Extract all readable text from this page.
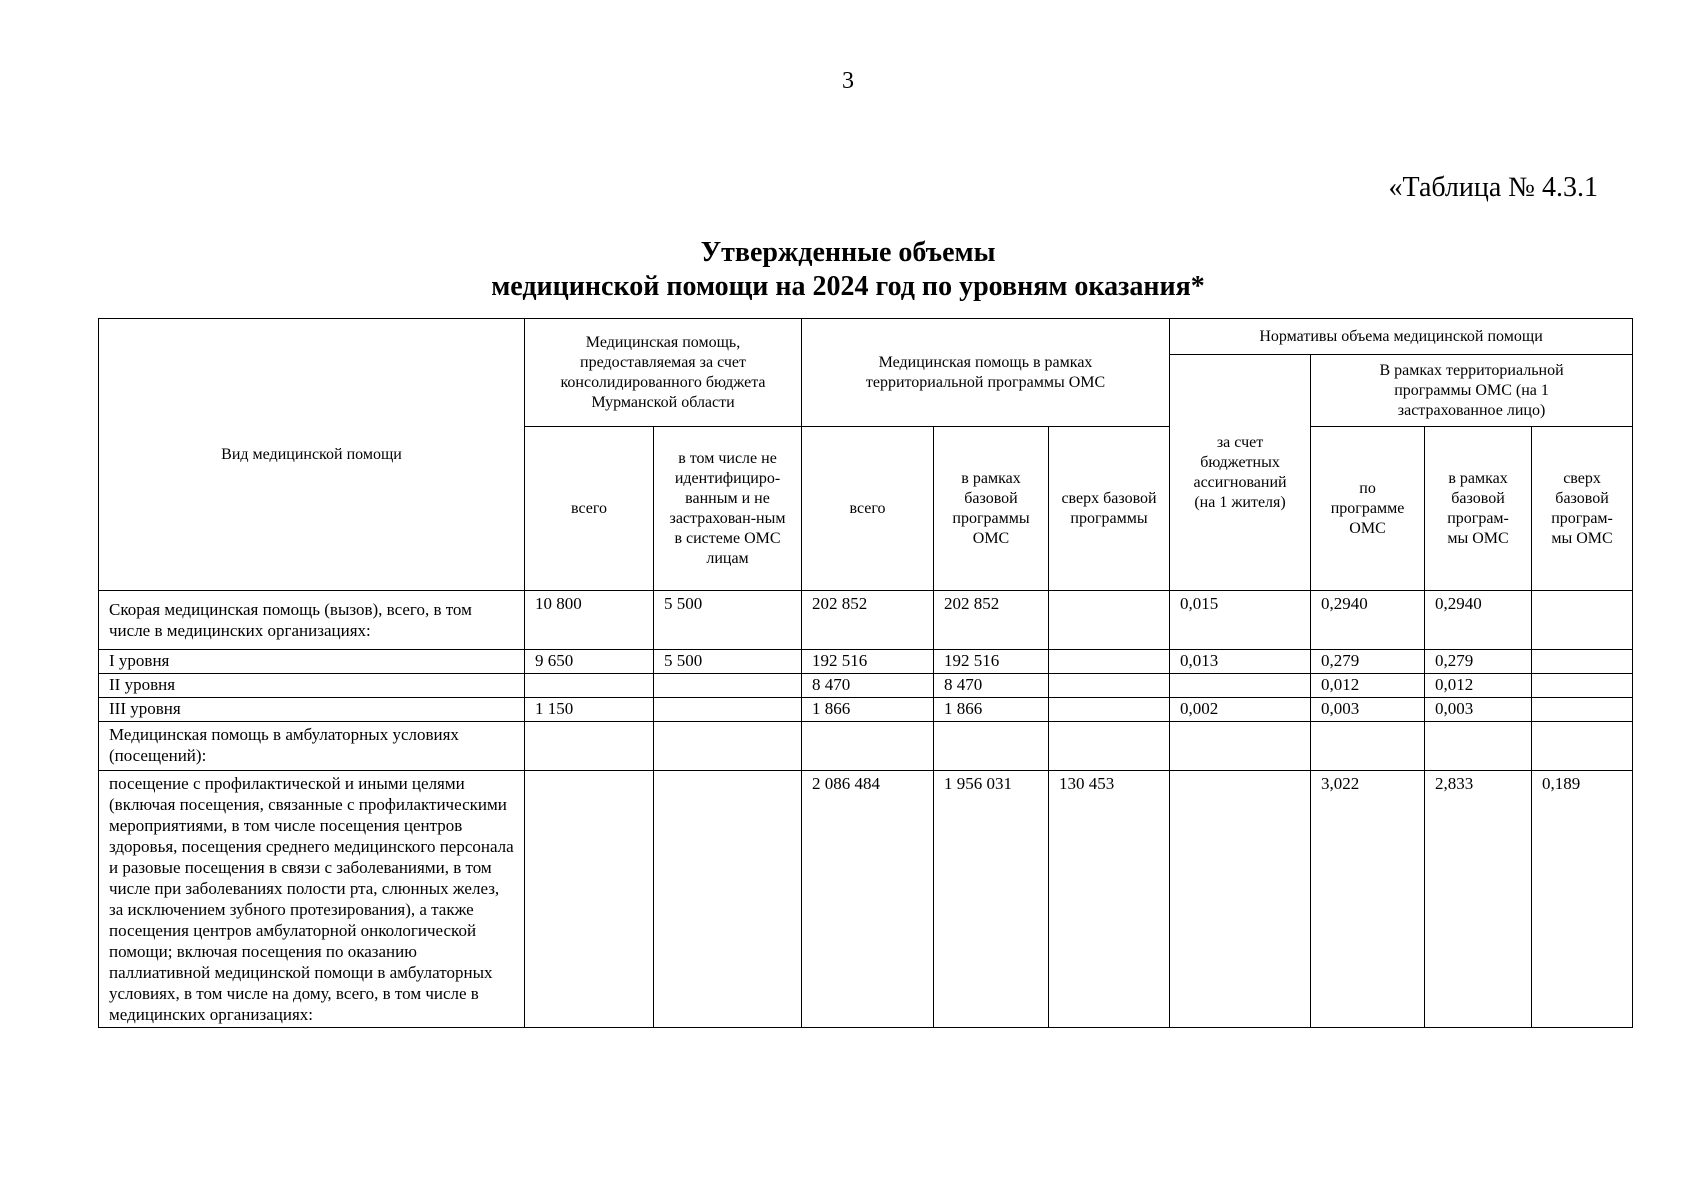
3
«Таблица № 4.3.1
Утвержденные объемы
медицинской помощи на 2024 год по уровням оказания*
Вид медицинской помощи	Медицинская помощь, предоставляемая за счет консолидированного бюджета Мурманской области		Медицинская помощь в рамках территориальной программы ОМС			Нормативы объема медицинской помощи			
						за счет бюджетных ассигнований (на 1 жителя)	В рамках территориальной программы ОМС (на 1 застрахованное лицо)		
	всего	в том числе не идентифициро-ванным и не застрахован-ным в системе ОМС лицам	всего	в рамках базовой программы ОМС	сверх базовой программы		по программе ОМС	в рамках базовой програм-мы ОМС	сверх базовой програм-мы ОМС
Скорая медицинская помощь (вызов), всего, в том числе в медицинских организациях:	10 800	5 500	202 852	202 852		0,015	0,2940	0,2940	
I уровня	9 650	5 500	192 516	192 516		0,013	0,279	0,279	
II уровня			8 470	8 470			0,012	0,012	
III уровня	1 150		1 866	1 866		0,002	0,003	0,003	
Медицинская помощь в амбулаторных условиях (посещений):									
посещение с профилактической и иными целями (включая посещения, связанные с профилактическими мероприятиями, в том числе посещения центров здоровья, посещения среднего медицинского персонала и разовые посещения в связи с заболеваниями, в том числе при заболеваниях полости рта, слюнных желез, за исключением зубного протезирования), а также посещения центров амбулаторной онкологической помощи; включая посещения по оказанию паллиативной медицинской помощи в амбулаторных условиях, в том числе на дому, всего, в том числе в медицинских организациях:			2 086 484	1 956 031	130 453		3,022	2,833	0,189
